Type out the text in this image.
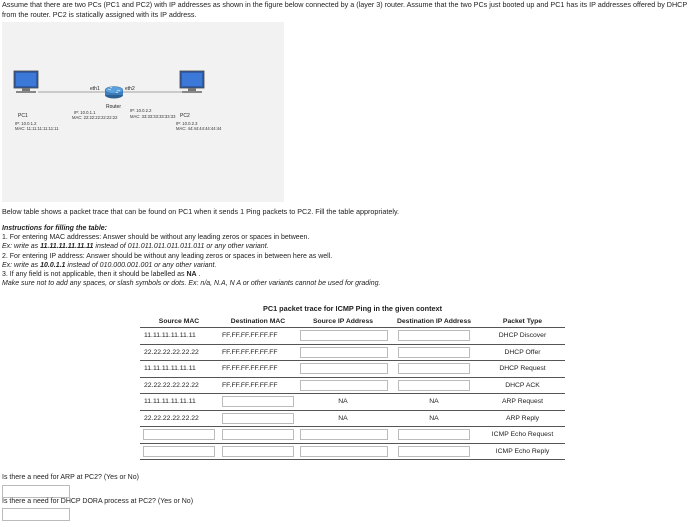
Assume that there are two PCs (PC1 and PC2) with IP addresses as shown in the figure below connected by a (layer 3) router. Assume that the two PCs just booted up and PC1 has its IP addresses offered by DHCP from the router. PC2 is statically assigned with its IP address.

eth1	eth2
Router
IP: 10.0.1.1
MAC: 22:22:22:22:22:22
IP: 10.0.2.2
MAC: 33:33:33:33:33:33 PC2
IP: 10.0.2.3
MAC: 44:44:44:44:44:44
PC1
IP: 10.0.1.2
MAC: 11:11:11:11:11:11

Below table shows a packet trace that can be found on PC1 when it sends 1 Ping packets to PC2. Fill the table appropriately.

Instructions for filling the table:
1. For entering MAC addresses: Answer should be without any leading zeros or spaces in between.
Ex: write as 11.11.11.11.11.11 instead of 011.011.011.011.011.011 or any other variant.
2. For entering IP address: Answer should be without any leading zeros or spaces in between here as well.
Ex: write as 10.0.1.1 instead of 010.000.001.001 or any other variant.
3. If any field is not applicable, then it should be labelled as NA .
Make sure not to add any spaces, or slash symbols or dots. Ex: n/a, N.A, N A or other variants cannot be used for grading.
PC1 packet trace for ICMP Ping in the given context
Source MAC	Destination MAC	Source IP Address	Destination IP Address	Packet Type
11.11.11.11.11.11	FF.FF.FF.FF.FF.FF			DHCP Discover
22.22.22.22.22.22	FF.FF.FF.FF.FF.FF			DHCP Offer
11.11.11.11.11.11	FF.FF.FF.FF.FF.FF			DHCP Request
22.22.22.22.22.22	FF.FF.FF.FF.FF.FF			DHCP ACK
11.11.11.11.11.11		NA	NA	ARP Request
22.22.22.22.22.22		NA	NA	ARP Reply
				ICMP Echo Request
				ICMP Echo Reply

Is there a need for ARP at PC2? (Yes or No)

Is there a need for DHCP DORA process at PC2? (Yes or No)
